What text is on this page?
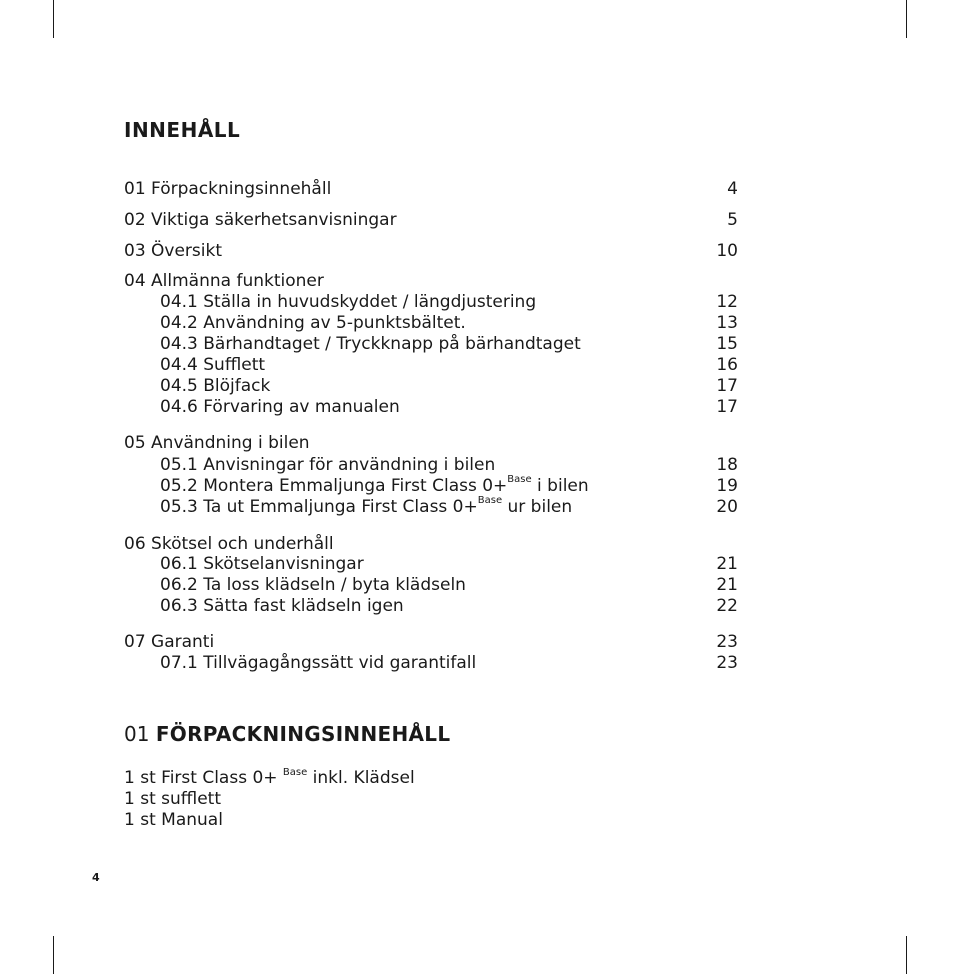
INNEHÅLL
01 Förpackningsinnehåll	4
02 Viktiga säkerhetsanvisningar	5
03 Översikt	10
04 Allmänna funktioner
04.1 Ställa in huvudskyddet / längdjustering	12
04.2 Användning av 5-punktsbältet.	13
04.3 Bärhandtaget / Tryckknapp på bärhandtaget	15
04.4 Sufflett	16
04.5 Blöjfack	17
04.6 Förvaring av manualen	17
05 Användning i bilen
05.1 Anvisningar för användning i bilen	18
05.2 Montera Emmaljunga First Class 0+$^{Base}$ i bilen	19
05.3 Ta ut Emmaljunga First Class 0+$^{Base}$ ur bilen	20
06 Skötsel och underhåll
06.1 Skötselanvisningar	21
06.2 Ta loss klädseln / byta klädseln	21
06.3 Sätta fast klädseln igen	22
07 Garanti	23
07.1 Tillvägagångssätt vid garantifall	23
01 FÖRPACKNINGSINNEHÅLL
1 st First Class 0+ $^{Base}$ inkl. Klädsel
1 st sufflett
1 st Manual
4
